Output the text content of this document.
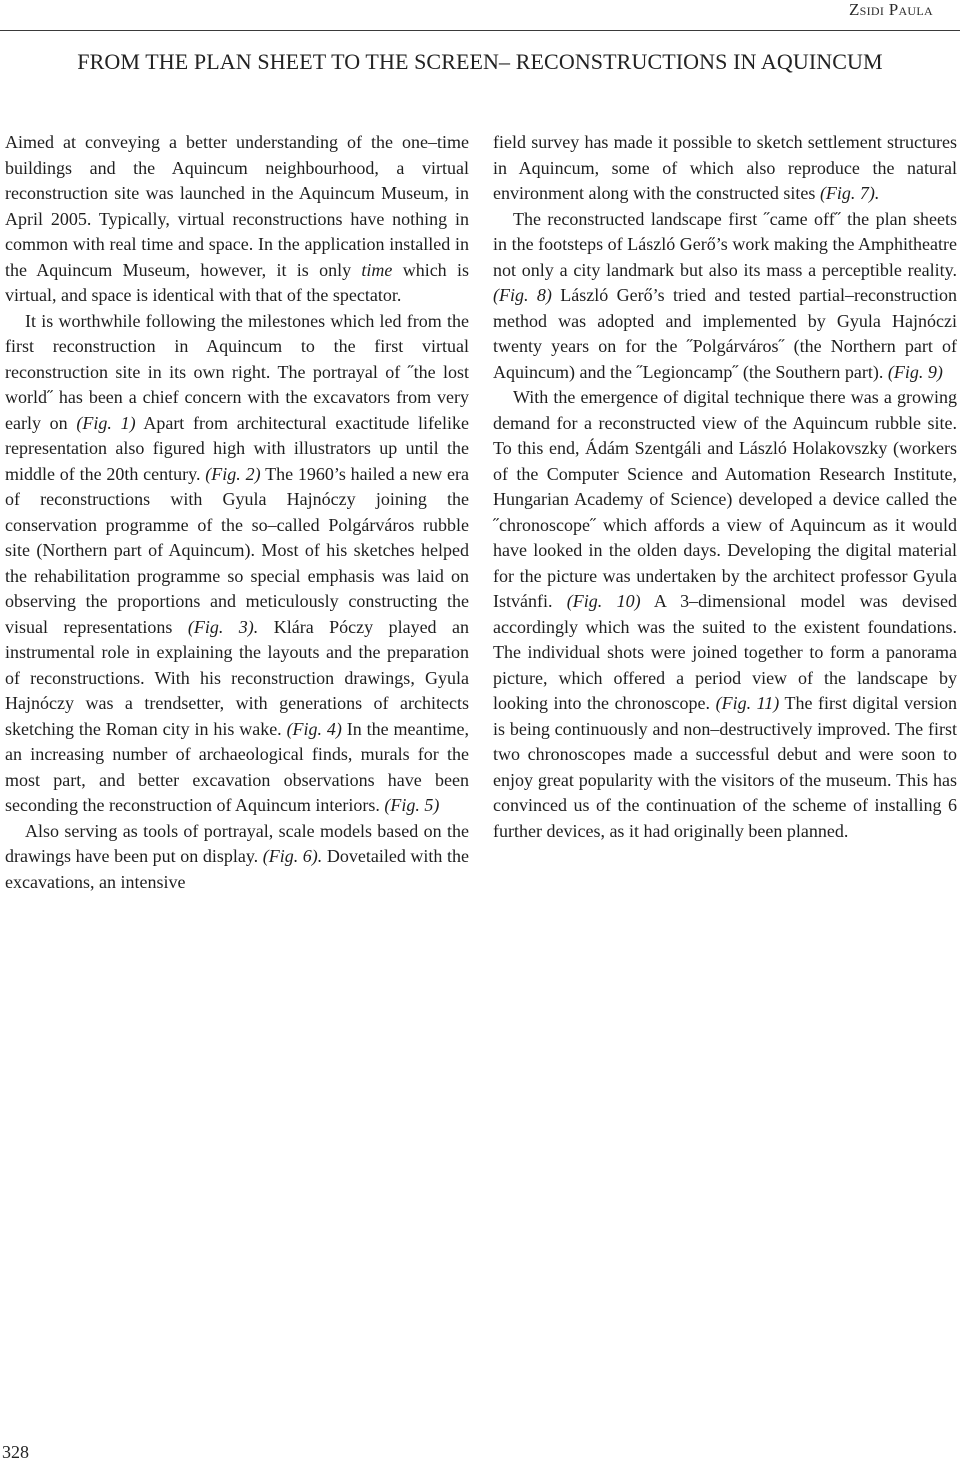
Zsidi Paula
FROM THE PLAN SHEET TO THE SCREEN– RECONSTRUCTIONS IN AQUINCUM

Aimed at conveying a better understanding of the one–time buildings and the Aquincum neighbourhood, a virtual reconstruction site was launched in the Aquincum Museum, in April 2005. Typically, virtual reconstructions have nothing in common with real time and space. In the application installed in the Aquincum Museum, however, it is only time which is virtual, and space is identical with that of the spectator.

It is worthwhile following the milestones which led from the first reconstruction in Aquincum to the first virtual reconstruction site in its own right. The portrayal of ˝the lost world˝ has been a chief concern with the excavators from very early on (Fig. 1) Apart from architectural exactitude lifelike representation also figured high with illustrators up until the middle of the 20th century. (Fig. 2) The 1960’s hailed a new era of reconstructions with Gyula Hajnóczy joining the conservation programme of the so–called Polgárváros rubble site (Northern part of Aquincum). Most of his sketches helped the rehabilitation programme so special emphasis was laid on observing the proportions and meticulously constructing the visual representations (Fig. 3). Klára Póczy played an instrumental role in explaining the layouts and the preparation of reconstructions. With his reconstruction drawings, Gyula Hajnóczy was a trendsetter, with generations of architects sketching the Roman city in his wake. (Fig. 4) In the meantime, an increasing number of archaeological finds, murals for the most part, and better excavation observations have been seconding the reconstruction of Aquincum interiors. (Fig. 5)

Also serving as tools of portrayal, scale models based on the drawings have been put on display. (Fig. 6). Dovetailed with the excavations, an intensive

field survey has made it possible to sketch settlement structures in Aquincum, some of which also reproduce the natural environment along with the constructed sites (Fig. 7).

The reconstructed landscape first ˝came off˝ the plan sheets in the footsteps of László Gerő’s work making the Amphitheatre not only a city landmark but also its mass a perceptible reality. (Fig. 8) László Gerő’s tried and tested partial–reconstruction method was adopted and implemented by Gyula Hajnóczi twenty years on for the ˝Polgárváros˝ (the Northern part of Aquincum) and the ˝Legioncamp˝ (the Southern part). (Fig. 9)

With the emergence of digital technique there was a growing demand for a reconstructed view of the Aquincum rubble site. To this end, Ádám Szentgáli and László Holakovszky (workers of the Computer Science and Automation Research Institute, Hungarian Academy of Science) developed a device called the ˝chronoscope˝ which affords a view of Aquincum as it would have looked in the olden days. Developing the digital material for the picture was undertaken by the architect professor Gyula Istvánfi. (Fig. 10) A 3–dimensional model was devised accordingly which was the suited to the existent foundations. The individual shots were joined together to form a panorama picture, which offered a period view of the landscape by looking into the chronoscope. (Fig. 11) The first digital version is being continuously and non–destructively improved. The first two chronoscopes made a successful debut and were soon to enjoy great popularity with the visitors of the museum. This has convinced us of the continuation of the scheme of installing 6 further devices, as it had originally been planned.

328
